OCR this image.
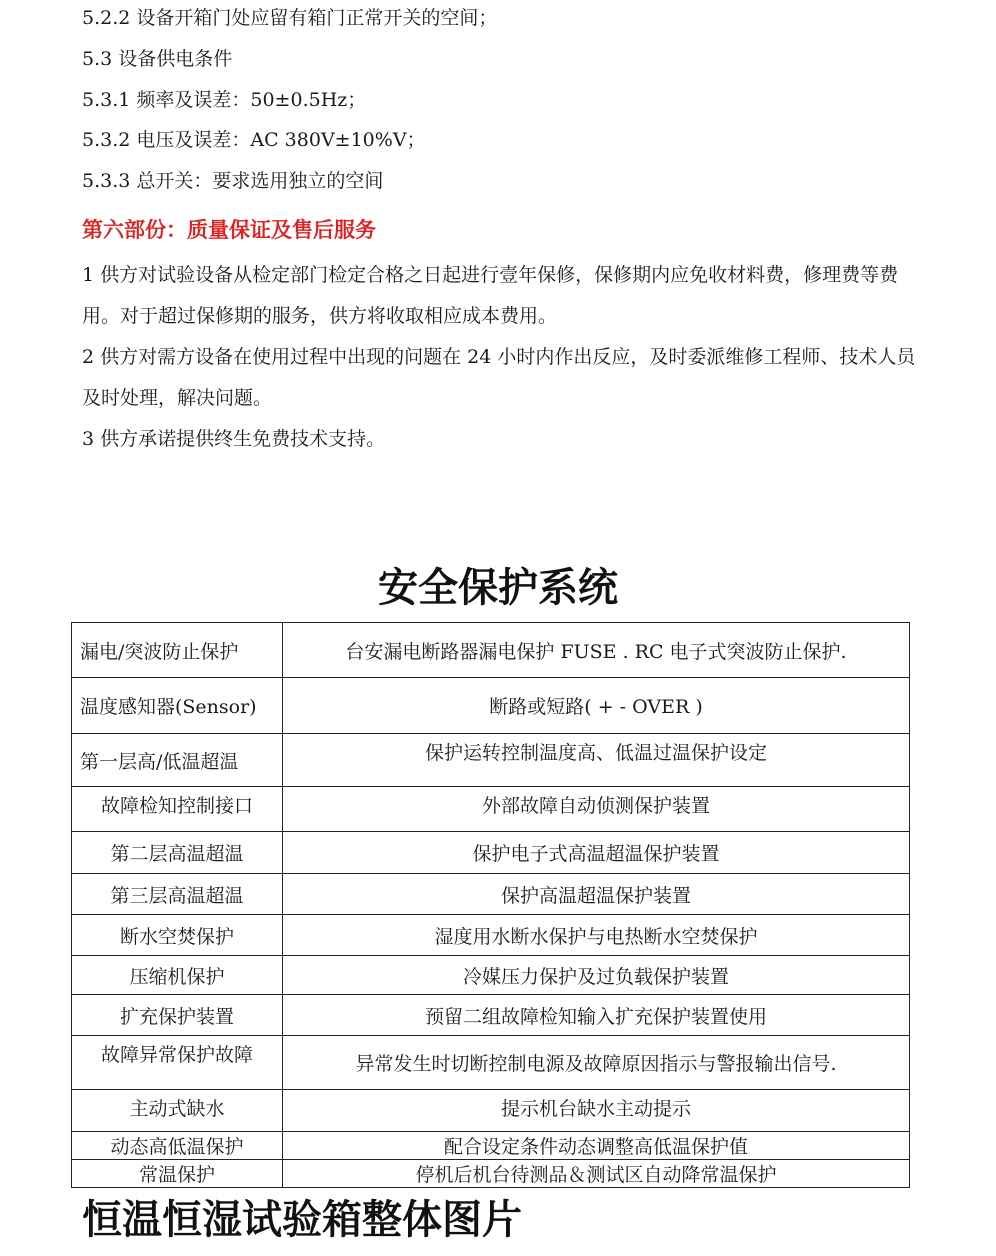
5.2.2 设备开箱门处应留有箱门正常开关的空间；
5.3 设备供电条件
5.3.1 频率及误差：50±0.5Hz；
5.3.2 电压及误差：AC 380V±10%V；
5.3.3 总开关：要求选用独立的空间
第六部份：质量保证及售后服务
1 供方对试验设备从检定部门检定合格之日起进行壹年保修，保修期内应免收材料费，修理费等费用。对于超过保修期的服务，供方将收取相应成本费用。
2 供方对需方设备在使用过程中出现的问题在 24 小时内作出反应，及时委派维修工程师、技术人员及时处理，解决问题。
3 供方承诺提供终生免费技术支持。
安全保护系统
漏电/突波防止保护	台安漏电断路器漏电保护 FUSE . RC 电子式突波防止保护.
温度感知器(Sensor)	断路或短路( + - OVER )
第一层高/低温超温	保护运转控制温度高、低温过温保护设定
故障检知控制接口	外部故障自动侦测保护装置
第二层高温超温	保护电子式高温超温保护装置
第三层高温超温	保护高温超温保护装置
断水空焚保护	湿度用水断水保护与电热断水空焚保护
压缩机保护	冷媒压力保护及过负载保护装置
扩充保护装置	预留二组故障检知输入扩充保护装置使用
故障异常保护故障	异常发生时切断控制电源及故障原因指示与警报输出信号.
主动式缺水	提示机台缺水主动提示
动态高低温保护	配合设定条件动态调整高低温保护值
常温保护	停机后机台待测品＆测试区自动降常温保护
恒温恒湿试验箱整体图片
